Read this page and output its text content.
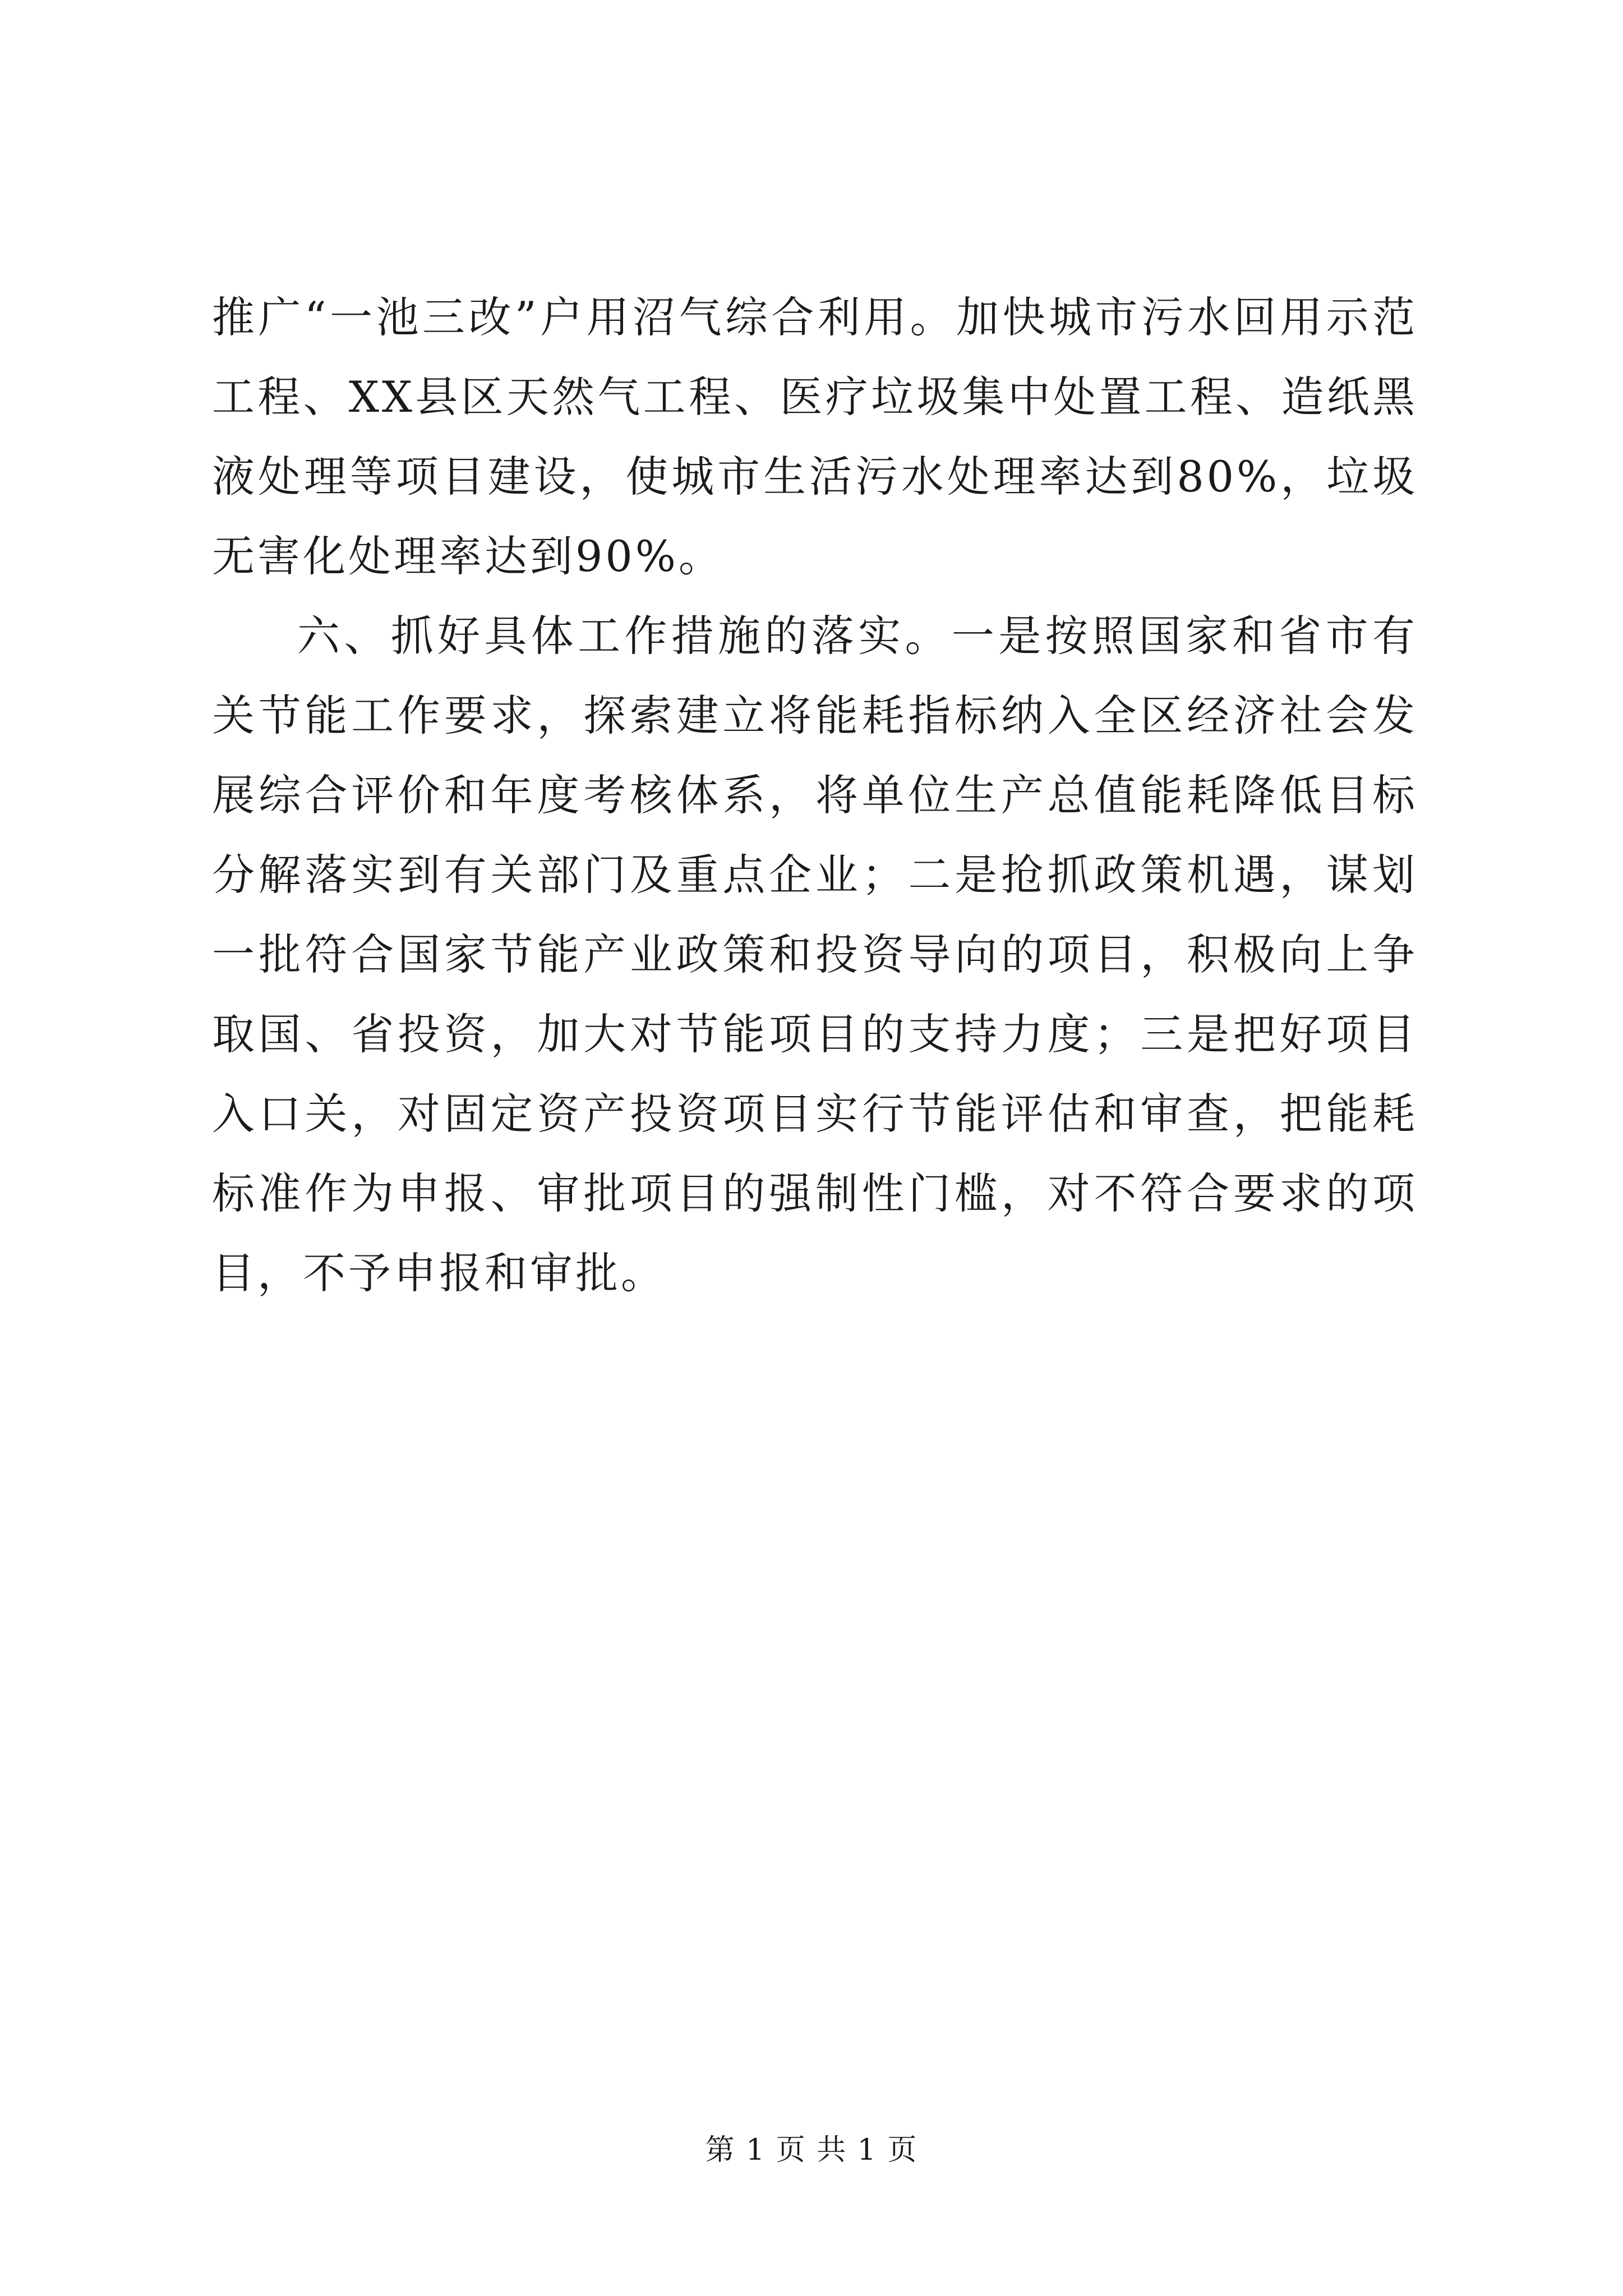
推广“一池三改”户用沼气综合利用。加快城市污水回用示范工程、XX县区天然气工程、医疗垃圾集中处置工程、造纸黑液处理等项目建设，使城市生活污水处理率达到80%，垃圾无害化处理率达到90%。

六、抓好具体工作措施的落实。一是按照国家和省市有关节能工作要求，探索建立将能耗指标纳入全区经济社会发展综合评价和年度考核体系，将单位生产总值能耗降低目标分解落实到有关部门及重点企业；二是抢抓政策机遇，谋划一批符合国家节能产业政策和投资导向的项目，积极向上争取国、省投资，加大对节能项目的支持力度；三是把好项目入口关，对固定资产投资项目实行节能评估和审查，把能耗标准作为申报、审批项目的强制性门槛，对不符合要求的项目，不予申报和审批。

第 1 页 共 1 页
